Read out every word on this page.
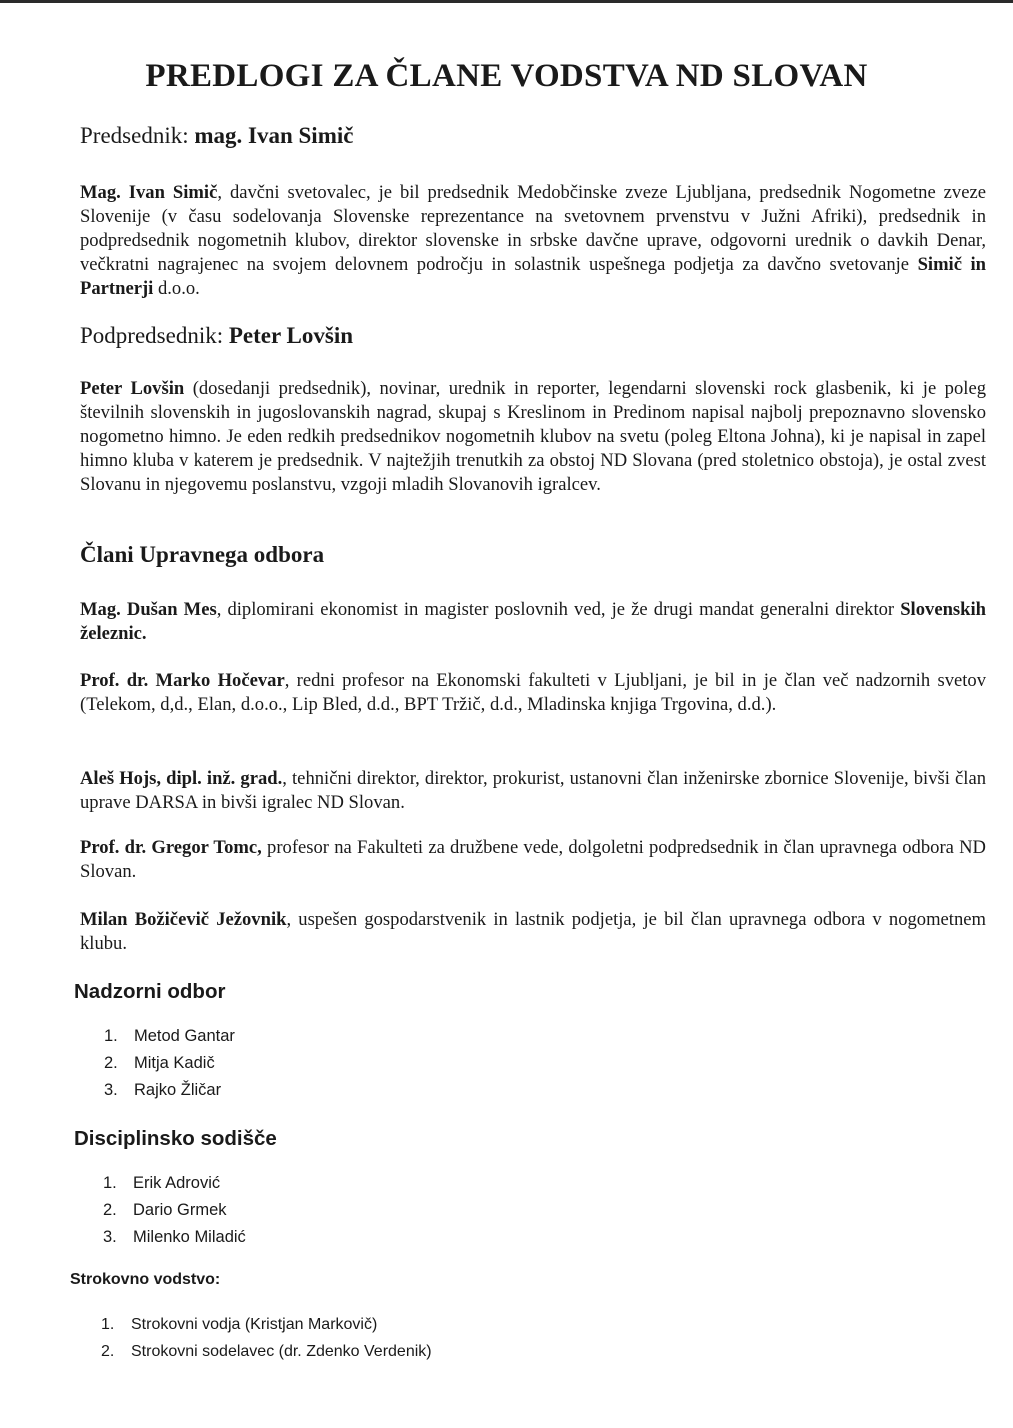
PREDLOGI ZA ČLANE VODSTVA ND SLOVAN

Predsednik: mag. Ivan Simič

Mag. Ivan Simič, davčni svetovalec, je bil predsednik Medobčinske zveze Ljubljana, predsednik Nogometne zveze Slovenije (v času sodelovanja Slovenske reprezentance na svetovnem prvenstvu v Južni Afriki), predsednik in podpredsednik nogometnih klubov, direktor slovenske in srbske davčne uprave, odgovorni urednik o davkih Denar, večkratni nagrajenec na svojem delovnem področju in solastnik uspešnega podjetja za davčno svetovanje Simič in Partnerji d.o.o.

Podpredsednik: Peter Lovšin

Peter Lovšin (dosedanji predsednik), novinar, urednik in reporter, legendarni slovenski rock glasbenik, ki je poleg številnih slovenskih in jugoslovanskih nagrad, skupaj s Kreslinom in Predinom napisal najbolj prepoznavno slovensko nogometno himno. Je eden redkih predsednikov nogometnih klubov na svetu (poleg Eltona Johna), ki je napisal in zapel himno kluba v katerem je predsednik. V najtežjih trenutkih za obstoj ND Slovana (pred stoletnico obstoja), je ostal zvest Slovanu in njegovemu poslanstvu, vzgoji mladih Slovanovih igralcev.

Člani Upravnega odbora

Mag. Dušan Mes, diplomirani ekonomist in magister poslovnih ved, je že drugi mandat generalni direktor Slovenskih železnic.

Prof. dr. Marko Hočevar, redni profesor na Ekonomski fakulteti v Ljubljani, je bil in je član več nadzornih svetov (Telekom, d,d., Elan, d.o.o., Lip Bled, d.d., BPT Tržič, d.d., Mladinska knjiga Trgovina, d.d.).

Aleš Hojs, dipl. inž. grad., tehnični direktor, direktor, prokurist, ustanovni član inženirske zbornice Slovenije, bivši član uprave DARSA in bivši igralec ND Slovan.

Prof. dr. Gregor Tomc, profesor na Fakulteti za družbene vede, dolgoletni podpredsednik in član upravnega odbora ND Slovan.

Milan Božičevič Ježovnik, uspešen gospodarstvenik in lastnik podjetja, je bil član upravnega odbora v nogometnem klubu.

Nadzorni odbor
1. Metod Gantar
2. Mitja Kadič
3. Rajko Žličar
Disciplinsko sodišče
1. Erik Adrović
2. Dario Grmek
3. Milenko Miladić
Strokovno vodstvo:
1.	Strokovni vodja (Kristjan Markovič)
2.	Strokovni sodelavec (dr. Zdenko Verdenik)
